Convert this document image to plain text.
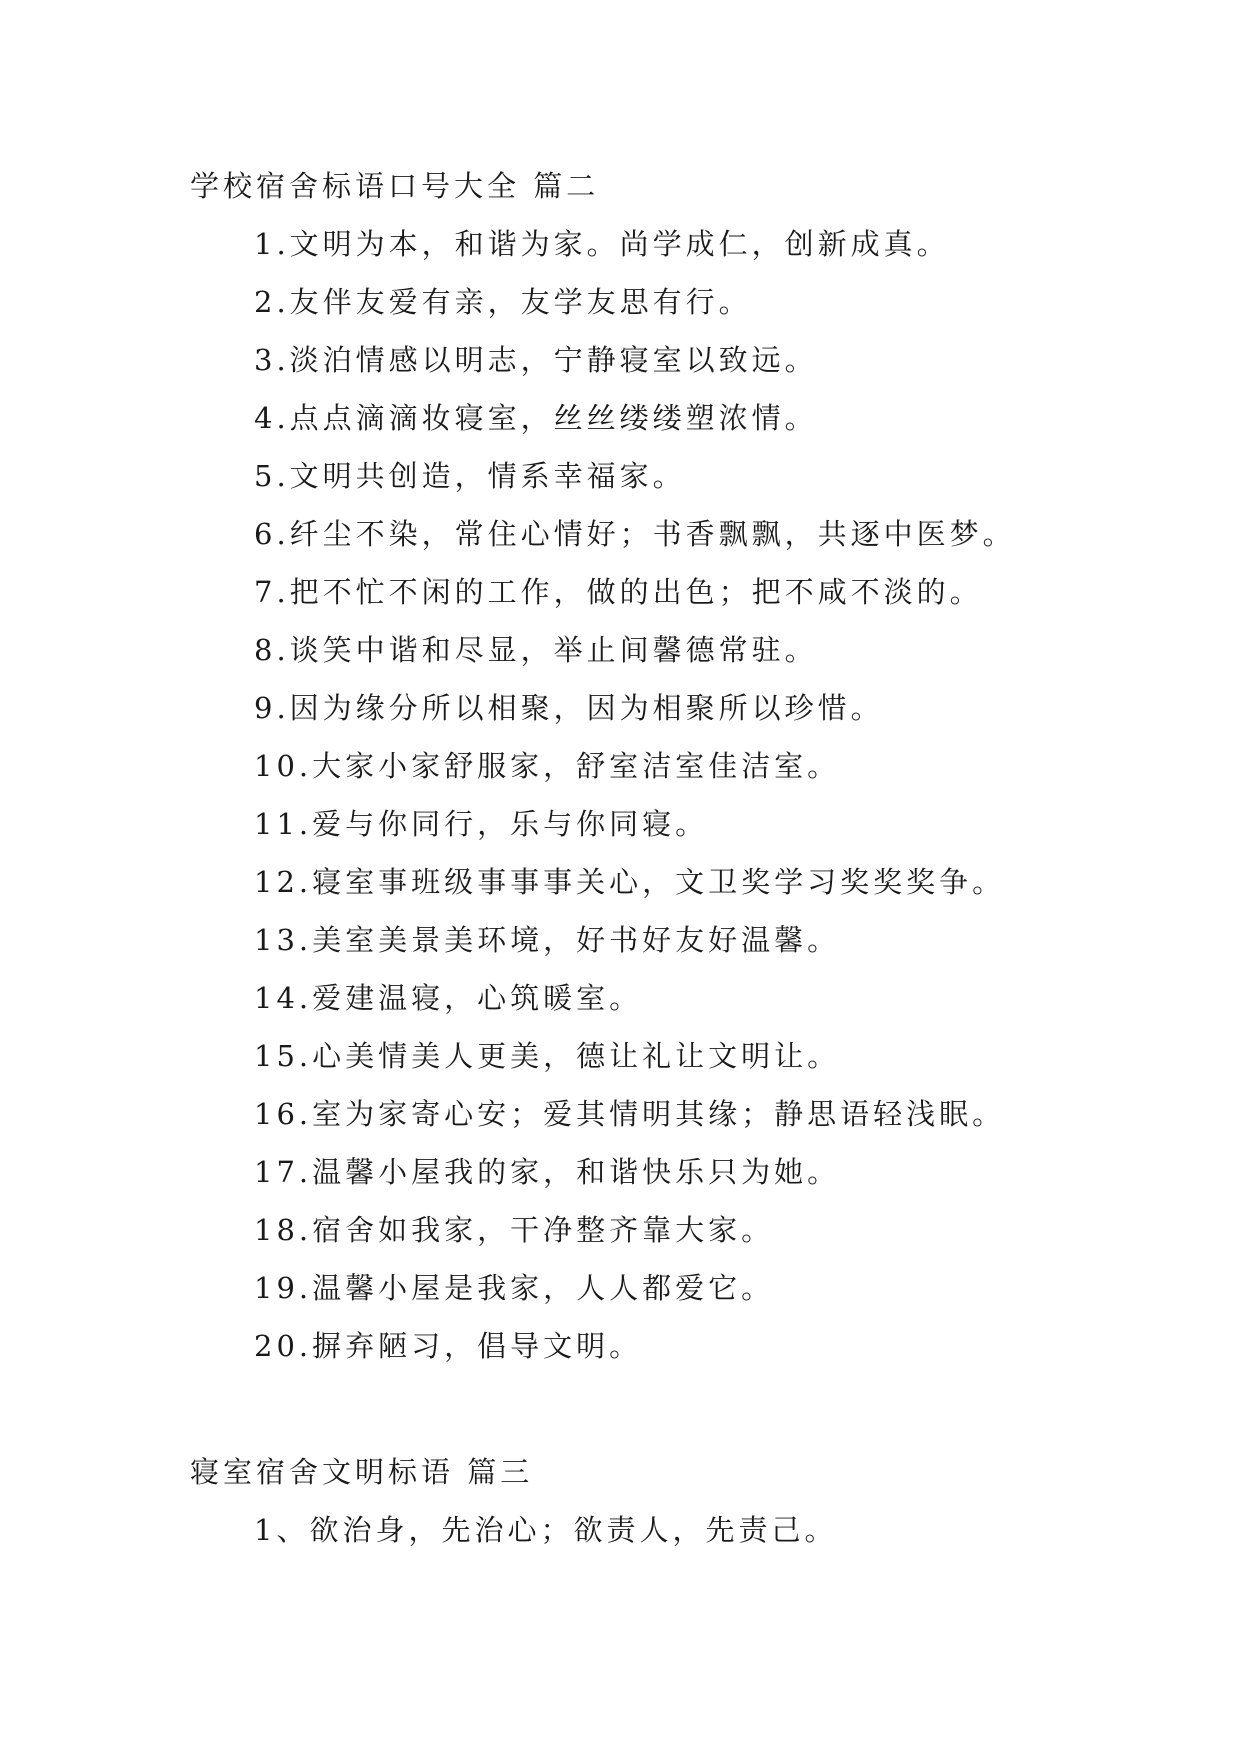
学校宿舍标语口号大全 篇二
1.文明为本，和谐为家。尚学成仁，创新成真。
2.友伴友爱有亲，友学友思有行。
3.淡泊情感以明志，宁静寝室以致远。
4.点点滴滴妆寝室，丝丝缕缕塑浓情。
5.文明共创造，情系幸福家。
6.纤尘不染，常住心情好；书香飘飘，共逐中医梦。
7.把不忙不闲的工作，做的出色；把不咸不淡的。
8.谈笑中谐和尽显，举止间馨德常驻。
9.因为缘分所以相聚，因为相聚所以珍惜。
10.大家小家舒服家，舒室洁室佳洁室。
11.爱与你同行，乐与你同寝。
12.寝室事班级事事事关心，文卫奖学习奖奖奖争。
13.美室美景美环境，好书好友好温馨。
14.爱建温寝，心筑暖室。
15.心美情美人更美，德让礼让文明让。
16.室为家寄心安；爱其情明其缘；静思语轻浅眠。
17.温馨小屋我的家，和谐快乐只为她。
18.宿舍如我家，干净整齐靠大家。
19.温馨小屋是我家，人人都爱它。
20.摒弃陋习，倡导文明。
寝室宿舍文明标语 篇三
1、欲治身，先治心；欲责人，先责己。
